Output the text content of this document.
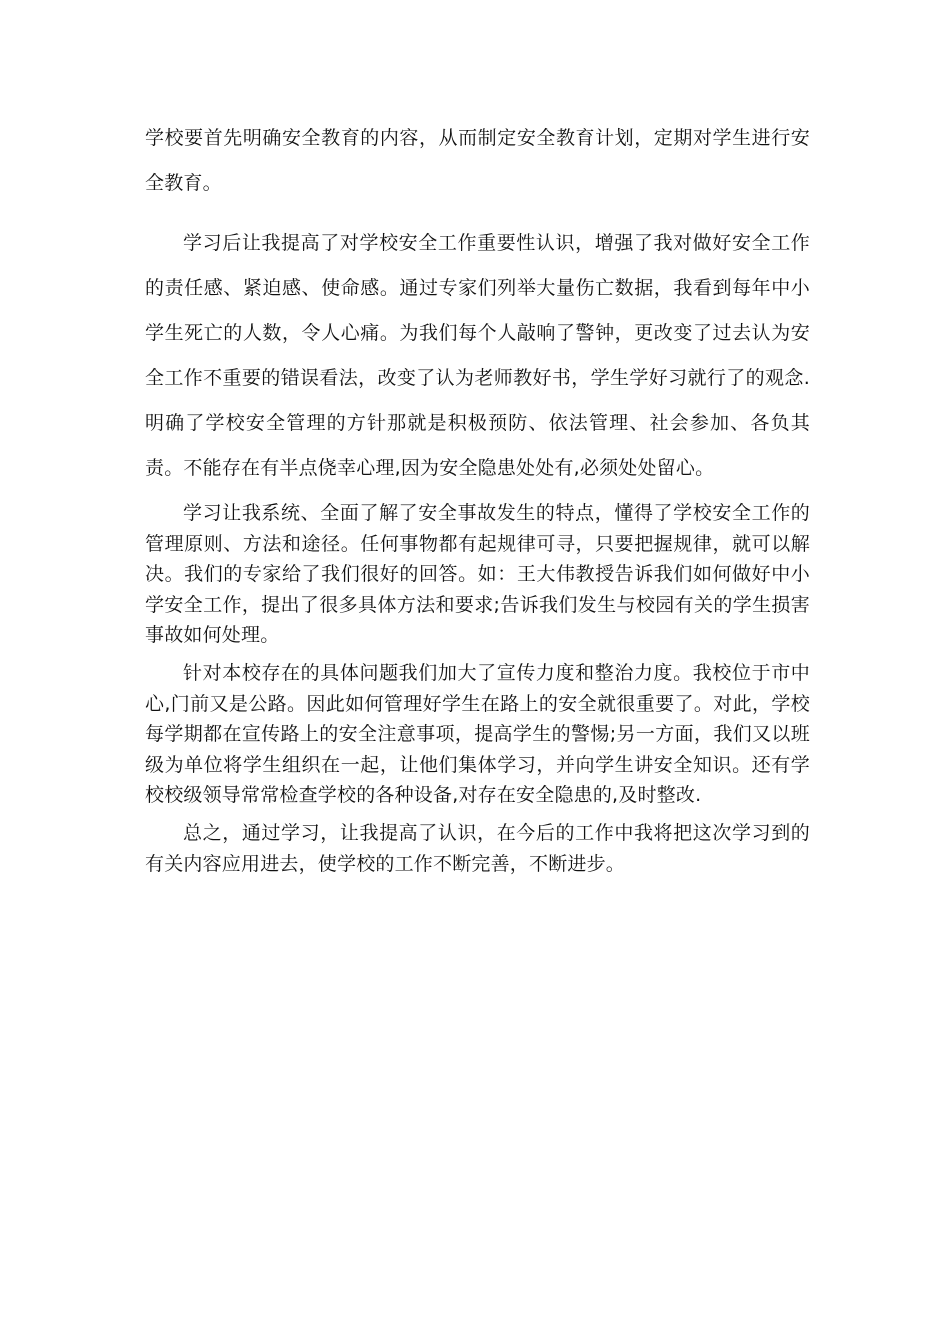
学校要首先明确安全教育的内容，从而制定安全教育计划，定期对学生进行安全教育。

学习后让我提高了对学校安全工作重要性认识，增强了我对做好安全工作的责任感、紧迫感、使命感。通过专家们列举大量伤亡数据，我看到每年中小学生死亡的人数，令人心痛。为我们每个人敲响了警钟，更改变了过去认为安全工作不重要的错误看法，改变了认为老师教好书，学生学好习就行了的观念.明确了学校安全管理的方针那就是积极预防、依法管理、社会参加、各负其责。不能存在有半点侥幸心理,因为安全隐患处处有,必须处处留心。

学习让我系统、全面了解了安全事故发生的特点，懂得了学校安全工作的管理原则、方法和途径。任何事物都有起规律可寻，只要把握规律，就可以解决。我们的专家给了我们很好的回答。如：王大伟教授告诉我们如何做好中小学安全工作，提出了很多具体方法和要求;告诉我们发生与校园有关的学生损害事故如何处理。

针对本校存在的具体问题我们加大了宣传力度和整治力度。我校位于市中心,门前又是公路。因此如何管理好学生在路上的安全就很重要了。对此，学校每学期都在宣传路上的安全注意事项，提高学生的警惕;另一方面，我们又以班级为单位将学生组织在一起，让他们集体学习，并向学生讲安全知识。还有学校校级领导常常检查学校的各种设备,对存在安全隐患的,及时整改.

总之，通过学习，让我提高了认识，在今后的工作中我将把这次学习到的有关内容应用进去，使学校的工作不断完善，不断进步。
